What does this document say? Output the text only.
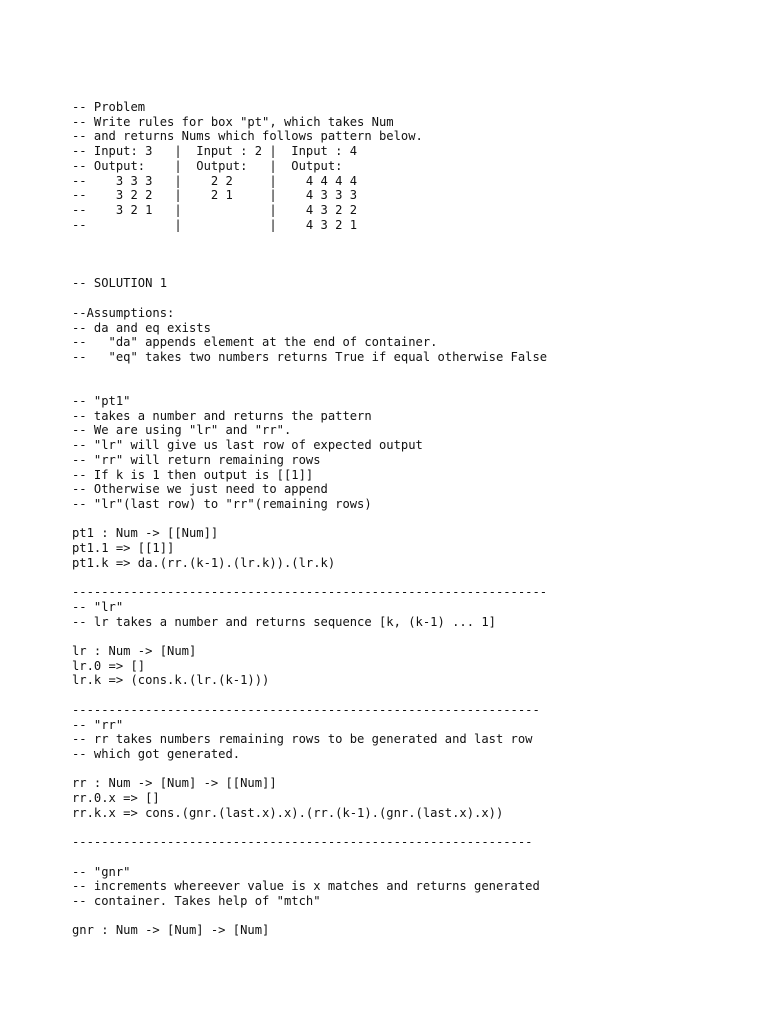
-- Problem
-- Write rules for box "pt", which takes Num
-- and returns Nums which follows pattern below.
-- Input: 3   |  Input : 2 |  Input : 4
-- Output:    |  Output:   |  Output:
--    3 3 3   |    2 2     |    4 4 4 4
--    3 2 2   |    2 1     |    4 3 3 3
--    3 2 1   |            |    4 3 2 2
--            |            |    4 3 2 1

-- SOLUTION 1

--Assumptions:
-- da and eq exists
--   "da" appends element at the end of container.
--   "eq" takes two numbers returns True if equal otherwise False

-- "pt1"
-- takes a number and returns the pattern
-- We are using "lr" and "rr".
-- "lr" will give us last row of expected output
-- "rr" will return remaining rows
-- If k is 1 then output is [[1]]
-- Otherwise we just need to append
-- "lr"(last row) to "rr"(remaining rows)

pt1 : Num -> [[Num]]
pt1.1 => [[1]]
pt1.k => da.(rr.(k-1).(lr.k)).(lr.k)

-----------------------------------------------------------------
-- "lr"
-- lr takes a number and returns sequence [k, (k-1) ... 1]

lr : Num -> [Num]
lr.0 => []
lr.k => (cons.k.(lr.(k-1)))

----------------------------------------------------------------
-- "rr"
-- rr takes numbers remaining rows to be generated and last row
-- which got generated.

rr : Num -> [Num] -> [[Num]]
rr.0.x => []
rr.k.x => cons.(gnr.(last.x).x).(rr.(k-1).(gnr.(last.x).x))

---------------------------------------------------------------

-- "gnr"
-- increments whereever value is x matches and returns generated
-- container. Takes help of "mtch"

gnr : Num -> [Num] -> [Num]
